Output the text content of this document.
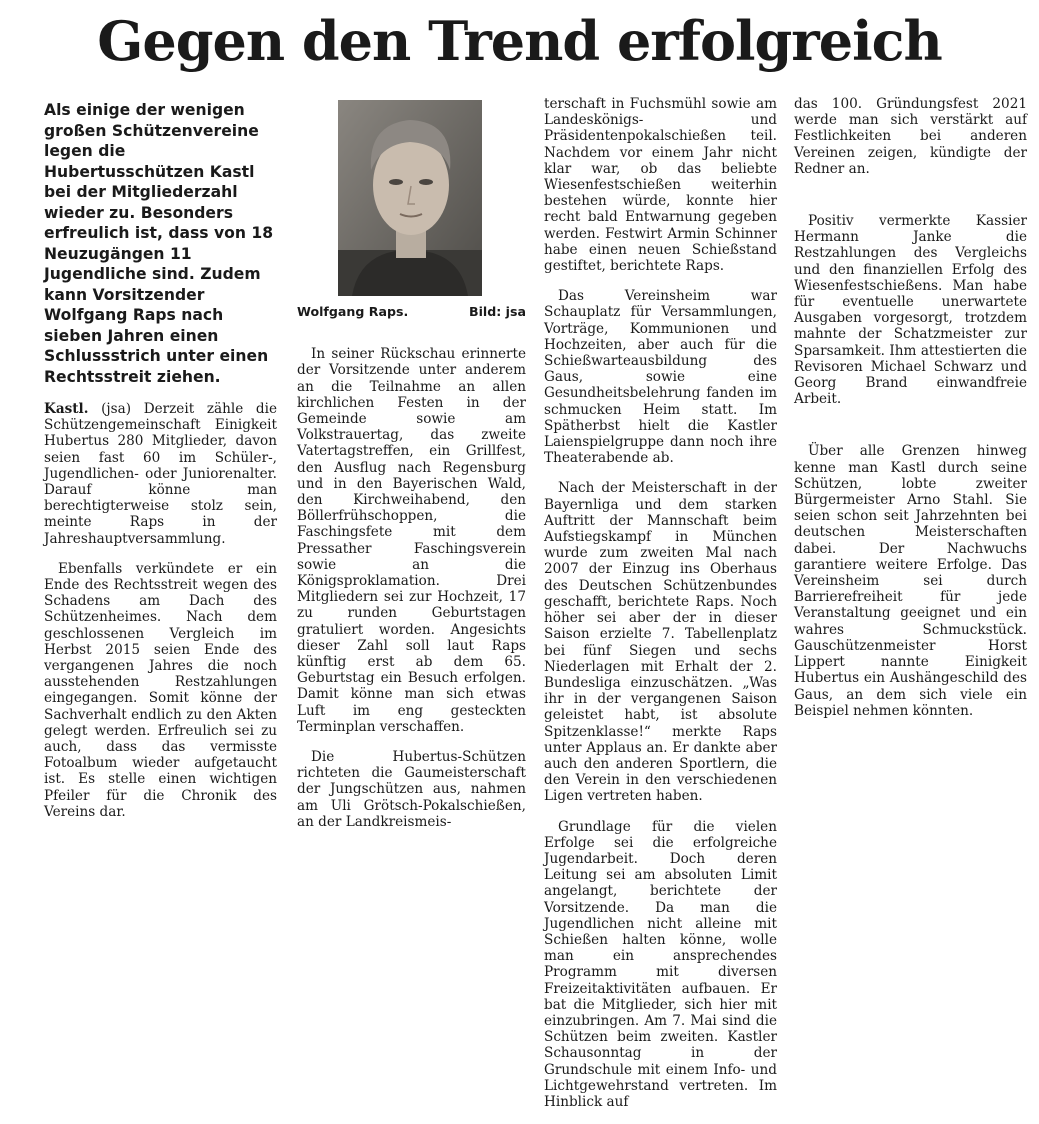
Gegen den Trend erfolgreich
Als einige der wenigen großen Schützenvereine legen die Hubertusschützen Kastl bei der Mitgliederzahl wieder zu. Besonders erfreulich ist, dass von 18 Neuzugängen 11 Jugendliche sind. Zudem kann Vorsitzender Wolfgang Raps nach sieben Jahren einen Schlussstrich unter einen Rechtsstreit ziehen.

Kastl. (jsa) Derzeit zähle die Schützengemeinschaft Einigkeit Hubertus 280 Mitglieder, davon seien fast 60 im Schüler-, Jugendlichen- oder Juniorenalter. Darauf könne man berechtigterweise stolz sein, meinte Raps in der Jahreshauptversammlung.

Ebenfalls verkündete er ein Ende des Rechtsstreit wegen des Schadens am Dach des Schützenheimes. Nach dem geschlossenen Vergleich im Herbst 2015 seien Ende des vergangenen Jahres die noch ausstehenden Restzahlungen eingegangen. Somit könne der Sachverhalt endlich zu den Akten gelegt werden. Erfreulich sei zu auch, dass das vermisste Fotoalbum wieder aufgetaucht ist. Es stelle einen wichtigen Pfeiler für die Chronik des Vereins dar.

Wolfgang Raps.	Bild: jsa

In seiner Rückschau erinnerte der Vorsitzende unter anderem an die Teilnahme an allen kirchlichen Festen in der Gemeinde sowie am Volkstrauertag, das zweite Vatertagstreffen, ein Grillfest, den Ausflug nach Regensburg und in den Bayerischen Wald, den Kirchweihabend, den Böllerfrühschoppen, die Faschingsfete mit dem Pressather Faschingsverein sowie an die Königsproklamation. Drei Mitgliedern sei zur Hochzeit, 17 zu runden Geburtstagen gratuliert worden. Angesichts dieser Zahl soll laut Raps künftig erst ab dem 65. Geburtstag ein Besuch erfolgen. Damit könne man sich etwas Luft im eng gesteckten Terminplan verschaffen.

Die Hubertus-Schützen richteten die Gaumeisterschaft der Jungschützen aus, nahmen am Uli Grötsch-Pokalschießen, an der Landkreismeis-

terschaft in Fuchsmühl sowie am Landeskönigs- und Präsidentenpokalschießen teil. Nachdem vor einem Jahr nicht klar war, ob das beliebte Wiesenfestschießen weiterhin bestehen würde, konnte hier recht bald Entwarnung gegeben werden. Festwirt Armin Schinner habe einen neuen Schießstand gestiftet, berichtete Raps.

Das Vereinsheim war Schauplatz für Versammlungen, Vorträge, Kommunionen und Hochzeiten, aber auch für die Schießwarteausbildung des Gaus, sowie eine Gesundheitsbelehrung fanden im schmucken Heim statt. Im Spätherbst hielt die Kastler Laienspielgruppe dann noch ihre Theaterabende ab.

Nach der Meisterschaft in der Bayernliga und dem starken Auftritt der Mannschaft beim Aufstiegskampf in München wurde zum zweiten Mal nach 2007 der Einzug ins Oberhaus des Deutschen Schützenbundes geschafft, berichtete Raps. Noch höher sei aber der in dieser Saison erzielte 7. Tabellenplatz bei fünf Siegen und sechs Niederlagen mit Erhalt der 2. Bundesliga einzuschätzen. „Was ihr in der vergangenen Saison geleistet habt, ist absolute Spitzenklasse!“ merkte Raps unter Applaus an. Er dankte aber auch den anderen Sportlern, die den Verein in den verschiedenen Ligen vertreten haben.

Grundlage für die vielen Erfolge sei die erfolgreiche Jugendarbeit. Doch deren Leitung sei am absoluten Limit angelangt, berichtete der Vorsitzende. Da man die Jugendlichen nicht alleine mit Schießen halten könne, wolle man ein ansprechendes Programm mit diversen Freizeitaktivitäten aufbauen. Er bat die Mitglieder, sich hier mit einzubringen. Am 7. Mai sind die Schützen beim zweiten. Kastler Schausonntag in der Grundschule mit einem Info- und Lichtgewehrstand vertreten. Im Hinblick auf

das 100. Gründungsfest 2021 werde man sich verstärkt auf Festlichkeiten bei anderen Vereinen zeigen, kündigte der Redner an.

Positiv vermerkte Kassier Hermann Janke die Restzahlungen des Vergleichs und den finanziellen Erfolg des Wiesenfestschießens. Man habe für eventuelle unerwartete Ausgaben vorgesorgt, trotzdem mahnte der Schatzmeister zur Sparsamkeit. Ihm attestierten die Revisoren Michael Schwarz und Georg Brand einwandfreie Arbeit.

Über alle Grenzen hinweg kenne man Kastl durch seine Schützen, lobte zweiter Bürgermeister Arno Stahl. Sie seien schon seit Jahrzehnten bei deutschen Meisterschaften dabei. Der Nachwuchs garantiere weitere Erfolge. Das Vereinsheim sei durch Barrierefreiheit für jede Veranstaltung geeignet und ein wahres Schmuckstück. Gauschützenmeister Horst Lippert nannte Einigkeit Hubertus ein Aushängeschild des Gaus, an dem sich viele ein Beispiel nehmen könnten.
